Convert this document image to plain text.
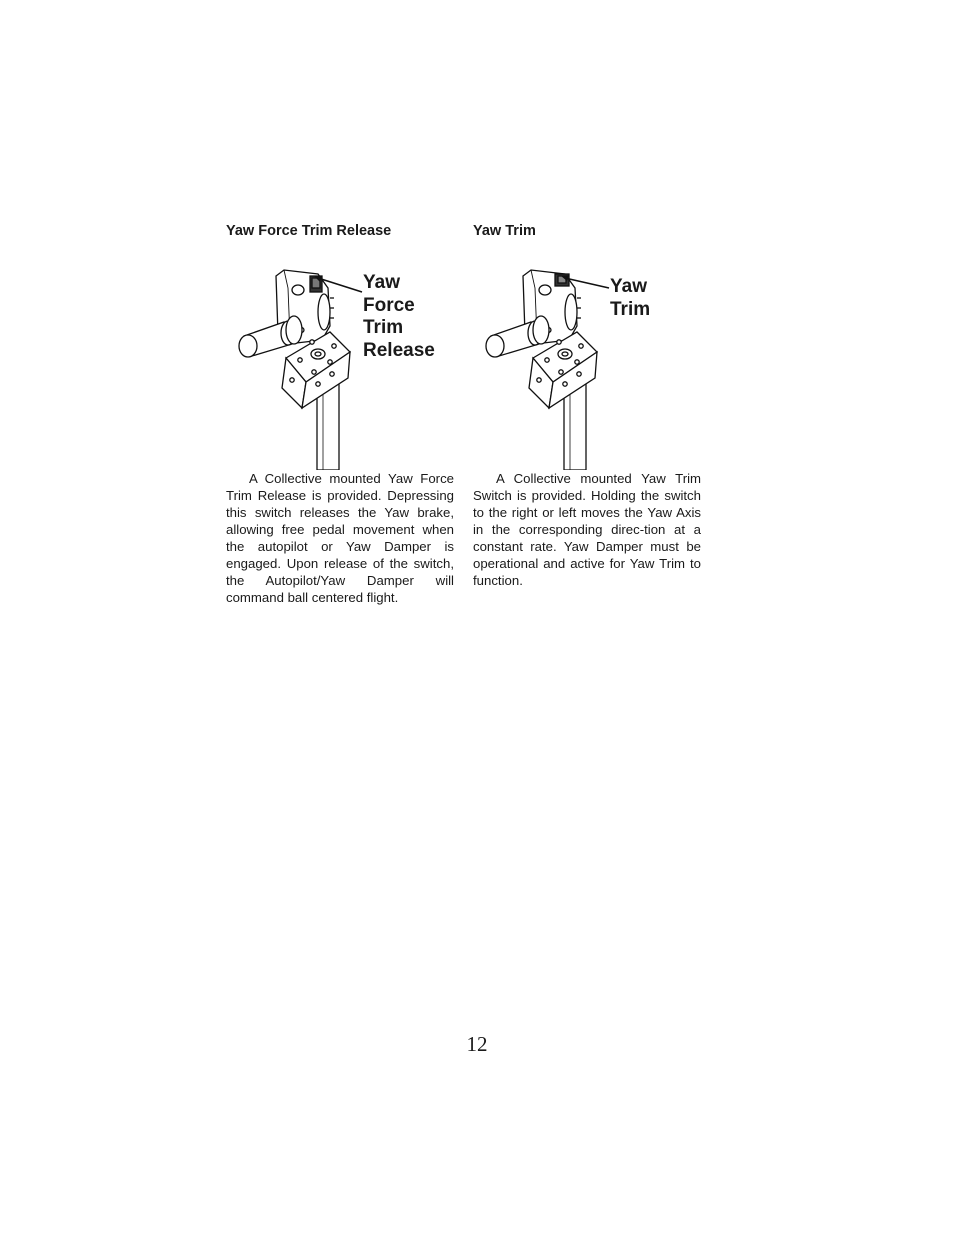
Yaw Force Trim Release
Yaw
Force
Trim
Release

A Collective mounted Yaw Force Trim Release is provided. Depressing this switch releases the Yaw brake, allowing free pedal movement when the autopilot or Yaw Damper is engaged. Upon release of the switch, the Autopilot/Yaw Damper will command ball centered flight.

Yaw Trim
Yaw
Trim

A Collective mounted Yaw Trim Switch is provided. Holding the switch to the right or left moves the Yaw Axis in the corresponding direc-tion at a constant rate. Yaw Damper must be operational and active for Yaw Trim to function.

12
